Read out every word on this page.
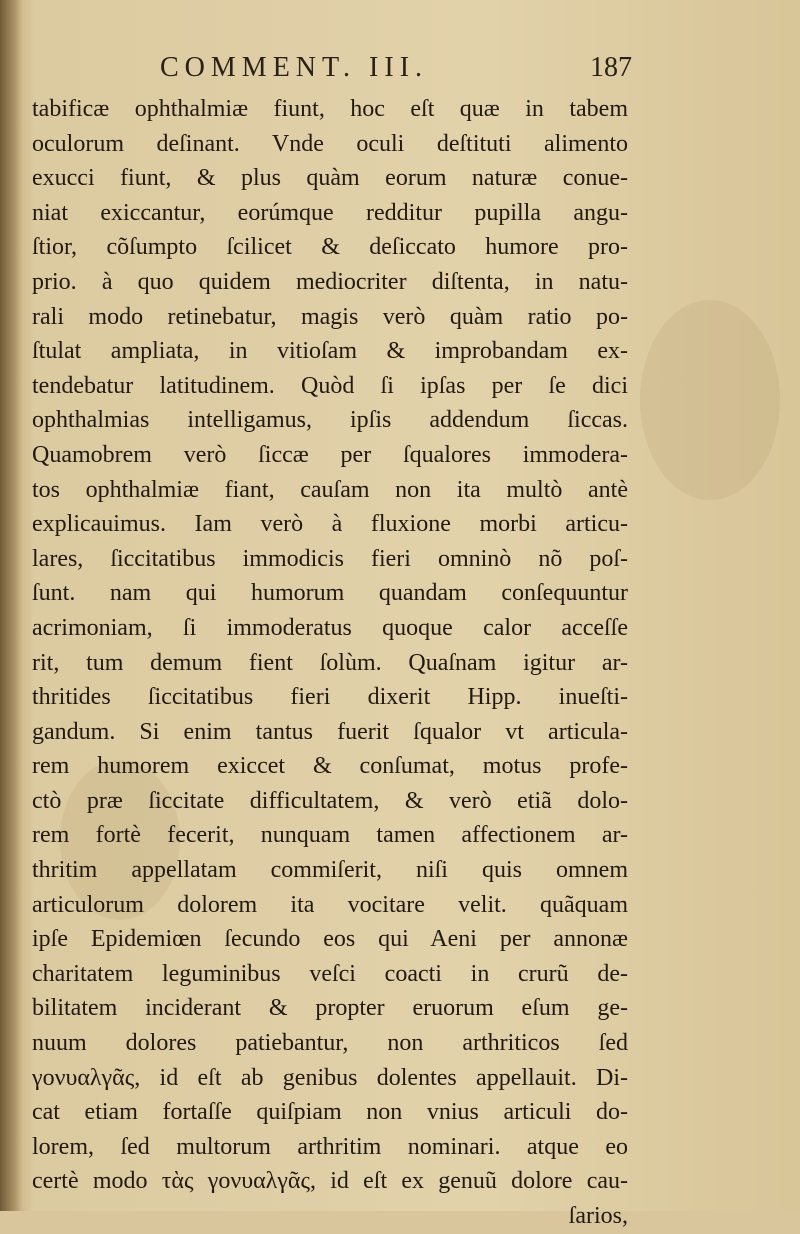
COMMENT. III.	187
tabificæ ophthalmiæ fiunt, hoc eſt quæ in tabem
oculorum deſinant. Vnde oculi deſtituti alimento
exucci fiunt, & plus quàm eorum naturæ conue-
niat exiccantur, eorúmque redditur pupilla angu-
ſtior, cõſumpto ſcilicet & deſiccato humore pro-
prio. à quo quidem mediocriter diſtenta, in natu-
rali modo retinebatur, magis verò quàm ratio po-
ſtulat ampliata, in vitioſam & improbandam ex-
tendebatur latitudinem. Quòd ſi ipſas per ſe dici
ophthalmias intelligamus, ipſis addendum ſiccas.
Quamobrem verò ſiccæ per ſqualores immodera-
tos ophthalmiæ fiant, cauſam non ita multò antè
explicauimus. Iam verò à fluxione morbi articu-
lares, ſiccitatibus immodicis fieri omninò nõ poſ-
ſunt. nam qui humorum quandam conſequuntur
acrimoniam, ſi immoderatus quoque calor acceſſe
rit, tum demum fient ſolùm. Quaſnam igitur ar-
thritides ſiccitatibus fieri dixerit Hipp. inueſti-
gandum. Si enim tantus fuerit ſqualor vt articula-
rem humorem exiccet & conſumat, motus profe-
ctò præ ſiccitate difficultatem, & verò etiã dolo-
rem fortè fecerit, nunquam tamen affectionem ar-
thritim appellatam commiſerit, niſi quis omnem
articulorum dolorem ita vocitare velit. quãquam
ipſe Epidemiœn ſecundo eos qui Aeni per annonæ
charitatem leguminibus veſci coacti in crurũ de-
bilitatem inciderant & propter eruorum eſum ge-
nuum dolores patiebantur, non arthriticos ſed
γονυαλγᾶς, id eſt ab genibus dolentes appellauit. Di-
cat etiam fortaſſe quiſpiam non vnius articuli do-
lorem, ſed multorum arthritim nominari. atque eo
certè modo τὰς γονυαλγᾶς, id eſt ex genuũ dolore cau-
ſarios,
